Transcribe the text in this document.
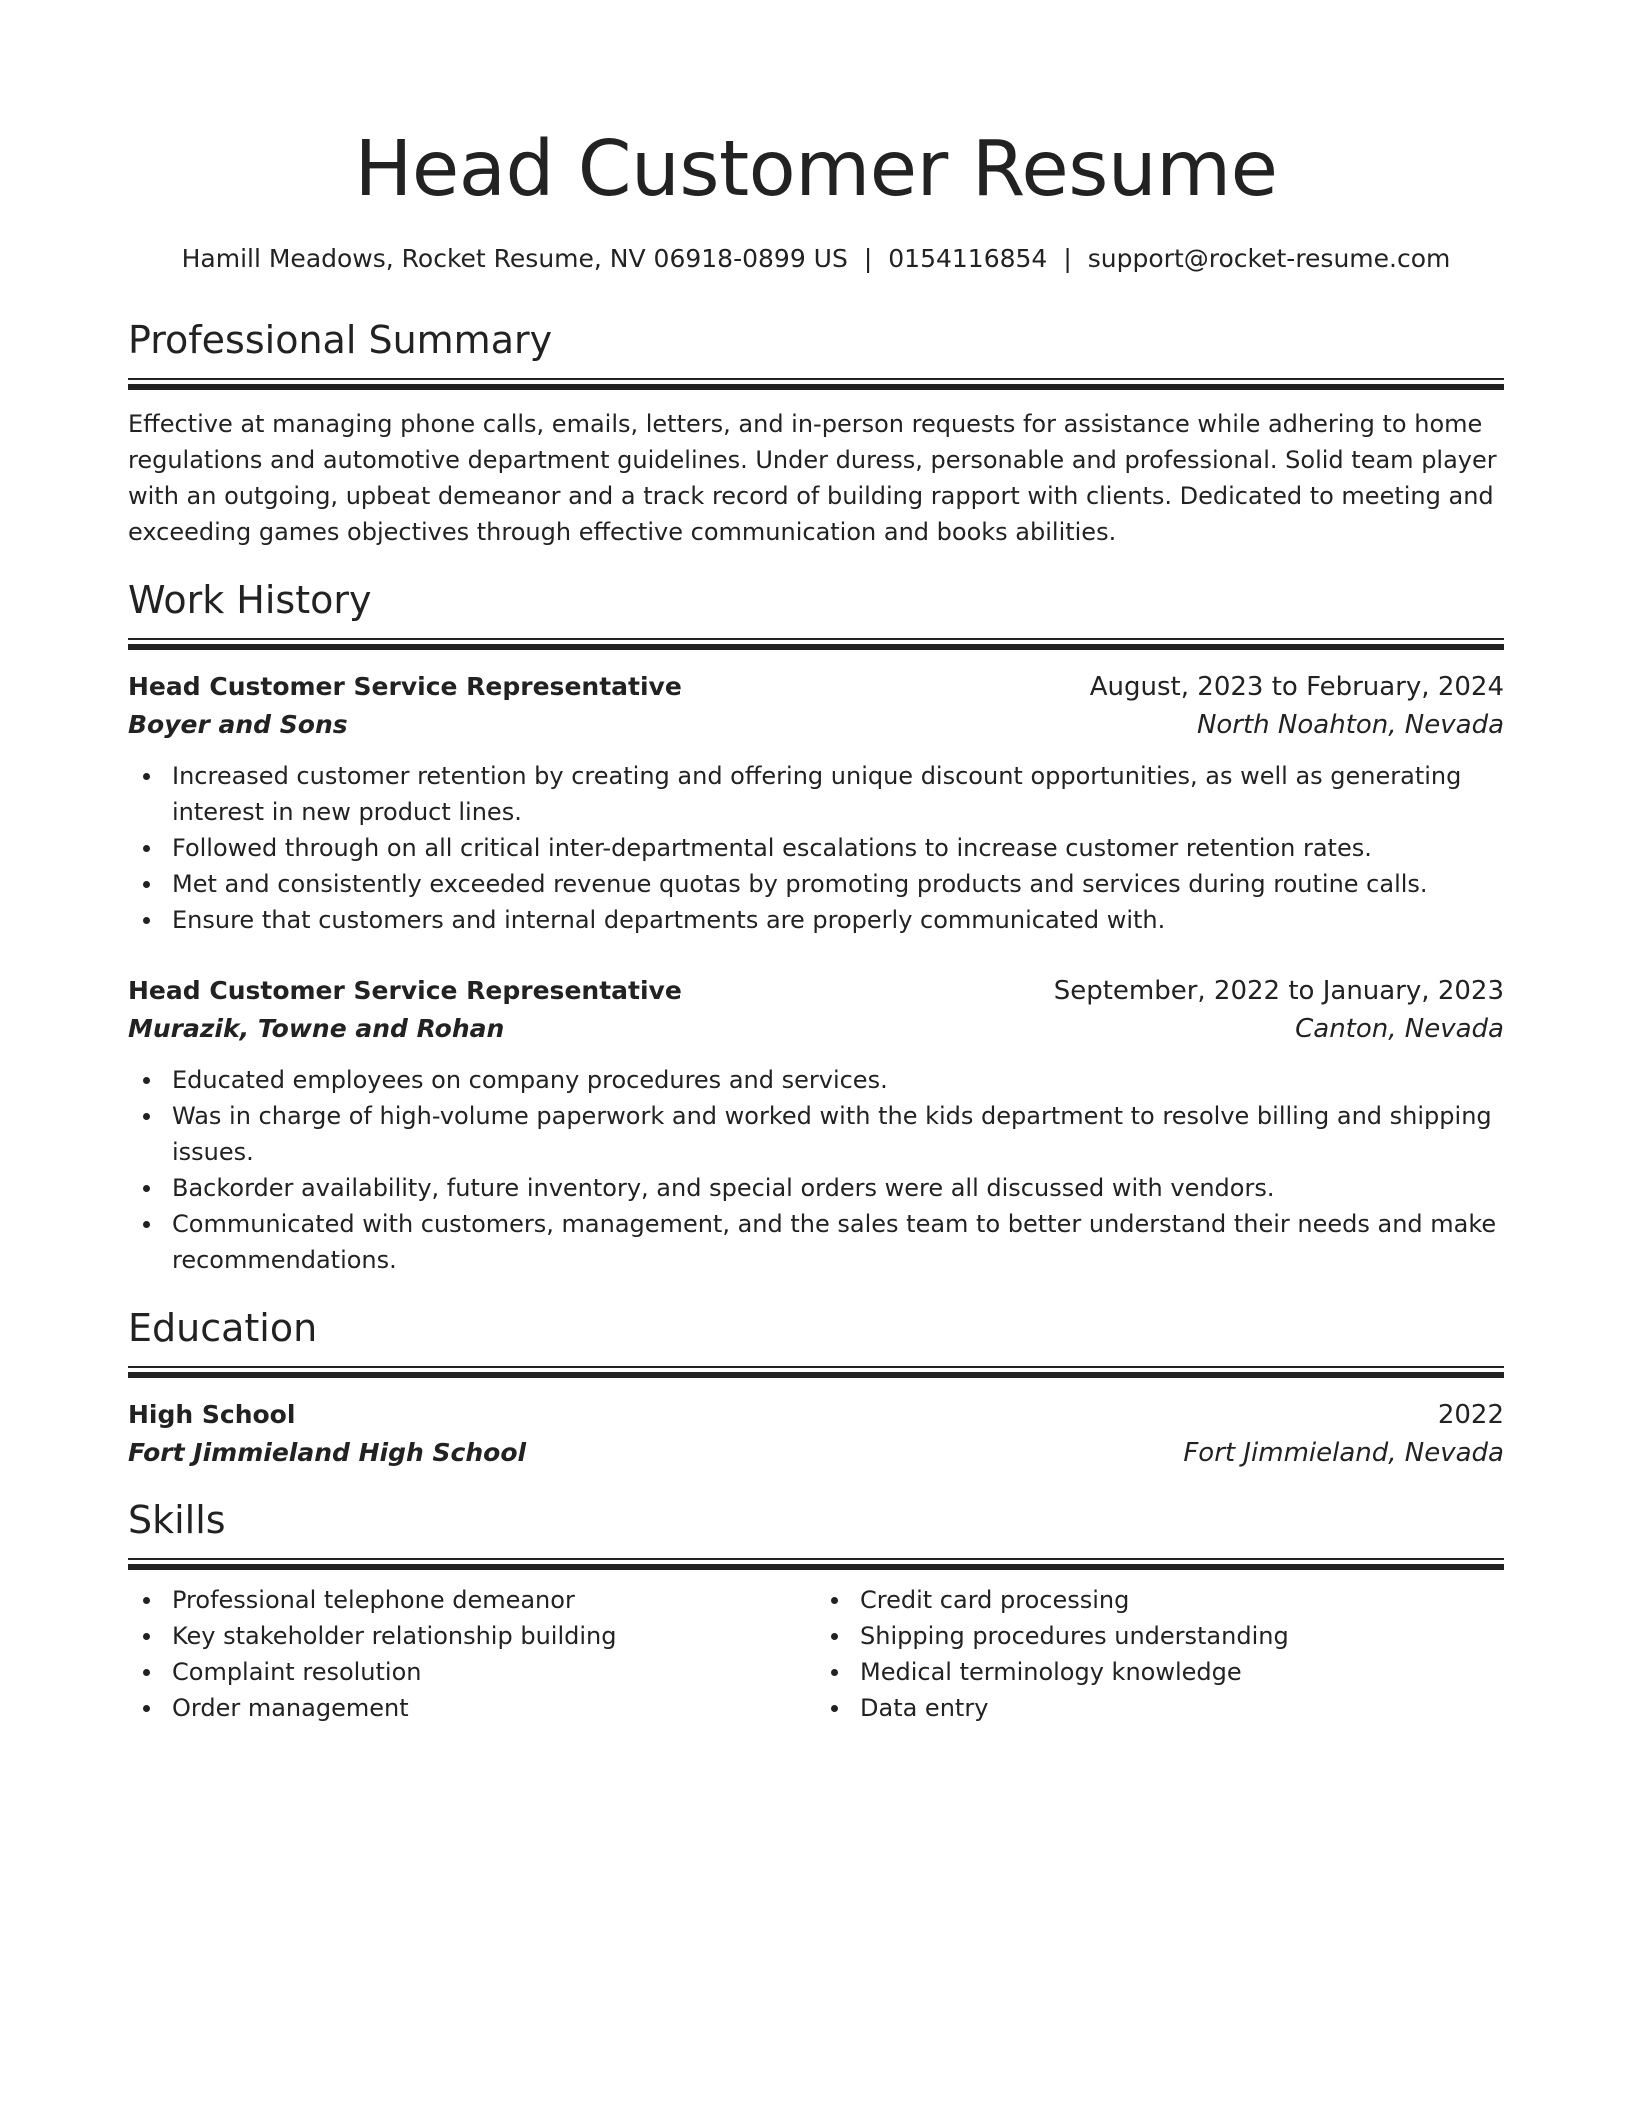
Head Customer Resume
Hamill Meadows, Rocket Resume, NV 06918-0899 US | 0154116854 | support@rocket-resume.com
Professional Summary

Effective at managing phone calls, emails, letters, and in-person requests for assistance while adhering to home regulations and automotive department guidelines. Under duress, personable and professional. Solid team player with an outgoing, upbeat demeanor and a track record of building rapport with clients. Dedicated to meeting and exceeding games objectives through effective communication and books abilities.

Work History
Head Customer Service Representative	August, 2023 to February, 2024
Boyer and Sons	North Noahton, Nevada
Increased customer retention by creating and offering unique discount opportunities, as well as generating interest in new product lines.
Followed through on all critical inter-departmental escalations to increase customer retention rates.
Met and consistently exceeded revenue quotas by promoting products and services during routine calls.
Ensure that customers and internal departments are properly communicated with.
Head Customer Service Representative	September, 2022 to January, 2023
Murazik, Towne and Rohan	Canton, Nevada
Educated employees on company procedures and services.
Was in charge of high-volume paperwork and worked with the kids department to resolve billing and shipping issues.
Backorder availability, future inventory, and special orders were all discussed with vendors.
Communicated with customers, management, and the sales team to better understand their needs and make recommendations.
Education
High School	2022
Fort Jimmieland High School	Fort Jimmieland, Nevada
Skills
Professional telephone demeanor
Key stakeholder relationship building
Complaint resolution
Order management
Credit card processing
Shipping procedures understanding
Medical terminology knowledge
Data entry
